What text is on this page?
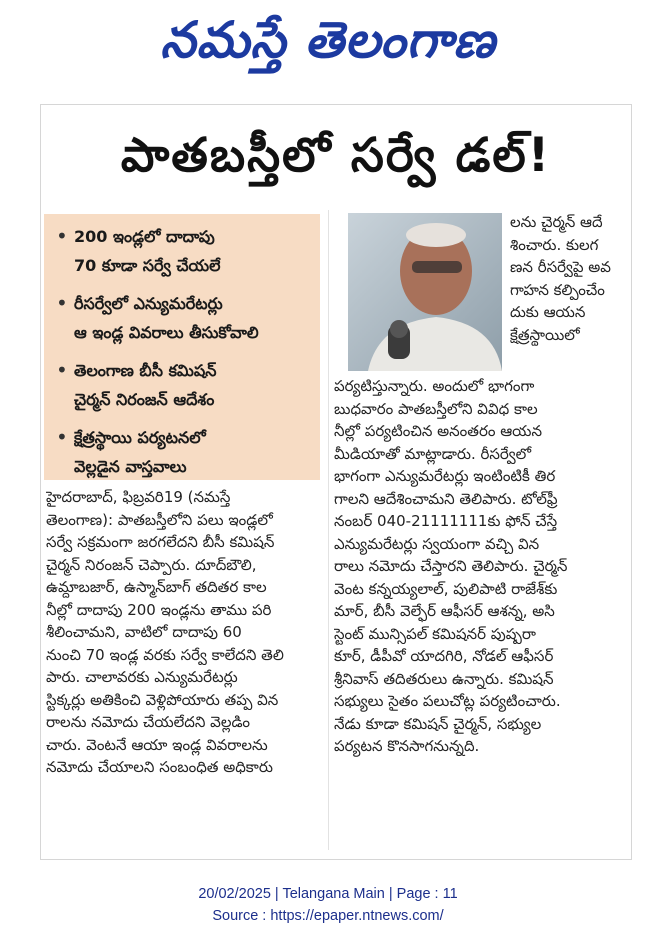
నమస్తే తెలంగాణ
పాతబస్తీలో సర్వే డల్!
• 200 ఇండ్లలో దాదాపు
70 కూడా సర్వే చేయలే
• రీసర్వేలో ఎన్యుమరేటర్లు
ఆ ఇండ్ల వివరాలు తీసుకోవాలి
• తెలంగాణ బీసీ కమిషన్
చైర్మన్ నిరంజన్ ఆదేశం
• క్షేత్రస్థాయి పర్యటనలో
వెల్లడైన వాస్తవాలు
హైదరాబాద్, ఫిబ్రవరి19 (నమస్తే
తెలంగాణ): పాతబస్తీలోని పలు ఇండ్లలో
సర్వే సక్రమంగా జరగలేదని బీసీ కమిషన్
చైర్మన్ నిరంజన్ చెప్పారు. దూద్‌బౌలి,
ఉమ్దాబజార్, ఉస్మాన్‌బాగ్ తదితర కాల
నీల్లో దాదాపు 200 ఇండ్లను తాము పరి
శీలించామని, వాటిలో దాదాపు 60
నుంచి 70 ఇండ్ల వరకు సర్వే కాలేదని తెలి
పారు. చాలావరకు ఎన్యుమరేటర్లు
స్టిక్కర్లు అతికించి వెళ్లిపోయారు తప్ప విన
రాలను నమోదు చేయలేదని వెల్లడిం
చారు. వెంటనే ఆయా ఇండ్ల వివరాలను
నమోదు చేయాలని సంబంధిత అధికారు
లను చైర్మన్ ఆదే
శించారు. కులగ
ణన రీసర్వేపై అవ
గాహన కల్పించేం
దుకు ఆయన
క్షేత్రస్థాయిలో
పర్యటిస్తున్నారు. అందులో భాగంగా
బుధవారం పాతబస్తీలోని వివిధ కాల
నీల్లో పర్యటించిన అనంతరం ఆయన
మీడియాతో మాట్లాడారు. రీసర్వేలో
భాగంగా ఎన్యుమరేటర్లు ఇంటింటికీ తిర
గాలని ఆదేశించామని తెలిపారు. టోల్‌ఫ్రీ
నంబర్ 040-21111111కు ఫోన్ చేస్తే
ఎన్యుమరేటర్లు స్వయంగా వచ్చి విన
రాలు నమోదు చేస్తారని తెలిపారు. చైర్మన్
వెంట కన్నయ్యలాల్, పులిపాటి రాజేశ్‌కు
మార్, బీసీ వెల్ఫేర్ ఆఫీసర్ ఆశన్న, అసి
స్టెంట్ మున్సిపల్ కమిషనర్ పుష్పరా
కూర్, డీపీవో యాదగిరి, నోడల్ ఆఫీసర్
శ్రీనివాస్ తదితరులు ఉన్నారు. కమిషన్
సభ్యులు సైతం పలుచోట్ల పర్యటించారు.
నేడు కూడా కమిషన్ చైర్మన్, సభ్యుల
పర్యటన కొనసాగనున్నది.
20/02/2025 | Telangana Main | Page : 11
Source : https://epaper.ntnews.com/
